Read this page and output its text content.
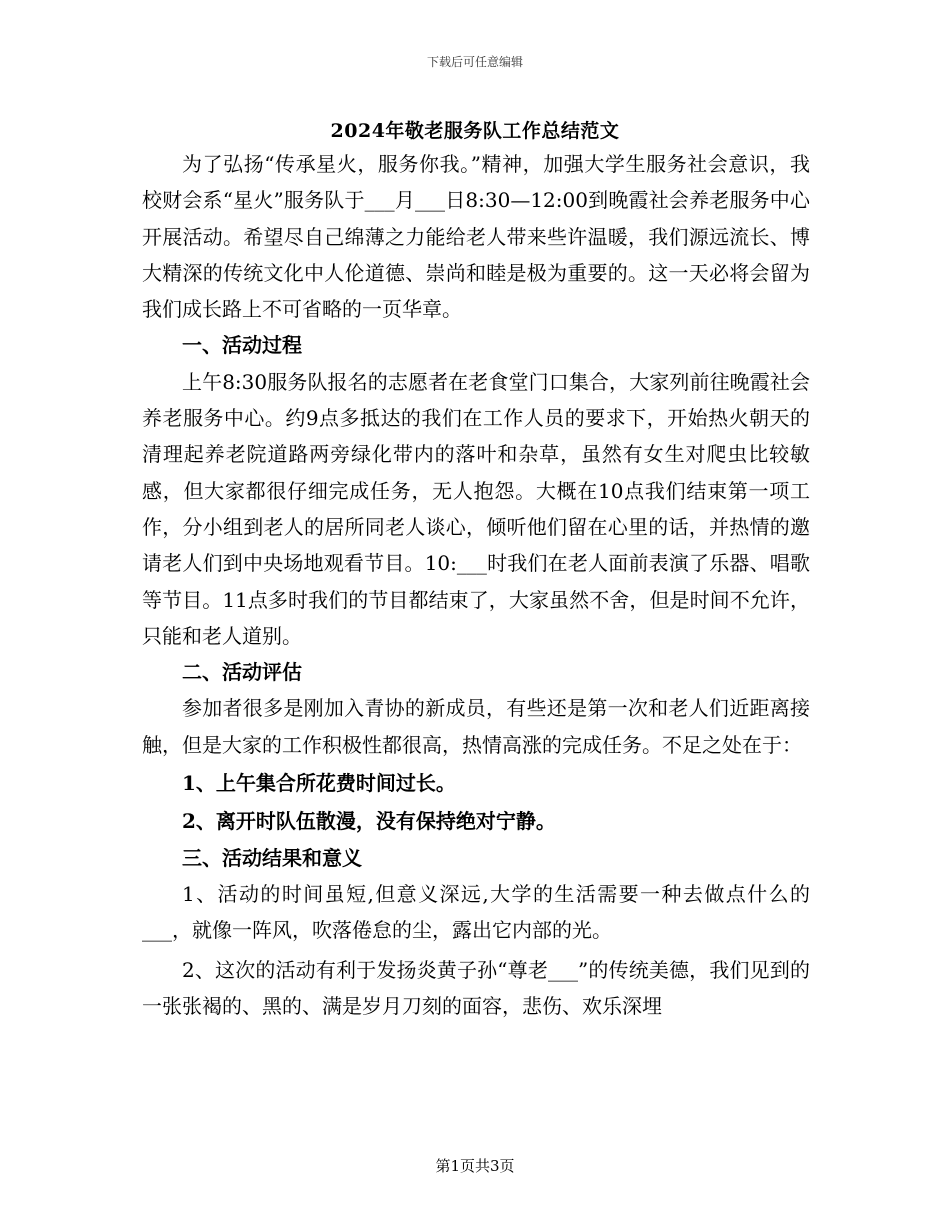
下载后可任意编辑
2024年敬老服务队工作总结范文

为了弘扬“传承星火，服务你我。”精神，加强大学生服务社会意识，我校财会系“星火”服务队于___月___日8:30—12:00到晚霞社会养老服务中心开展活动。希望尽自己绵薄之力能给老人带来些许温暖，我们源远流长、博大精深的传统文化中人伦道德、崇尚和睦是极为重要的。这一天必将会留为我们成长路上不可省略的一页华章。

一、活动过程

上午8:30服务队报名的志愿者在老食堂门口集合，大家列前往晚霞社会养老服务中心。约9点多抵达的我们在工作人员的要求下，开始热火朝天的清理起养老院道路两旁绿化带内的落叶和杂草，虽然有女生对爬虫比较敏感，但大家都很仔细完成任务，无人抱怨。大概在10点我们结束第一项工作，分小组到老人的居所同老人谈心，倾听他们留在心里的话，并热情的邀请老人们到中央场地观看节目。10:___时我们在老人面前表演了乐器、唱歌等节目。11点多时我们的节目都结束了，大家虽然不舍，但是时间不允许，只能和老人道别。

二、活动评估

参加者很多是刚加入青协的新成员，有些还是第一次和老人们近距离接触，但是大家的工作积极性都很高，热情高涨的完成任务。不足之处在于：

1、上午集合所花费时间过长。

2、离开时队伍散漫，没有保持绝对宁静。

三、活动结果和意义

1、活动的时间虽短,但意义深远,大学的生活需要一种去做点什么的___，就像一阵风，吹落倦怠的尘，露出它内部的光。

2、这次的活动有利于发扬炎黄子孙“尊老___”的传统美德，我们见到的一张张褐的、黑的、满是岁月刀刻的面容，悲伤、欢乐深埋

第1页共3页
